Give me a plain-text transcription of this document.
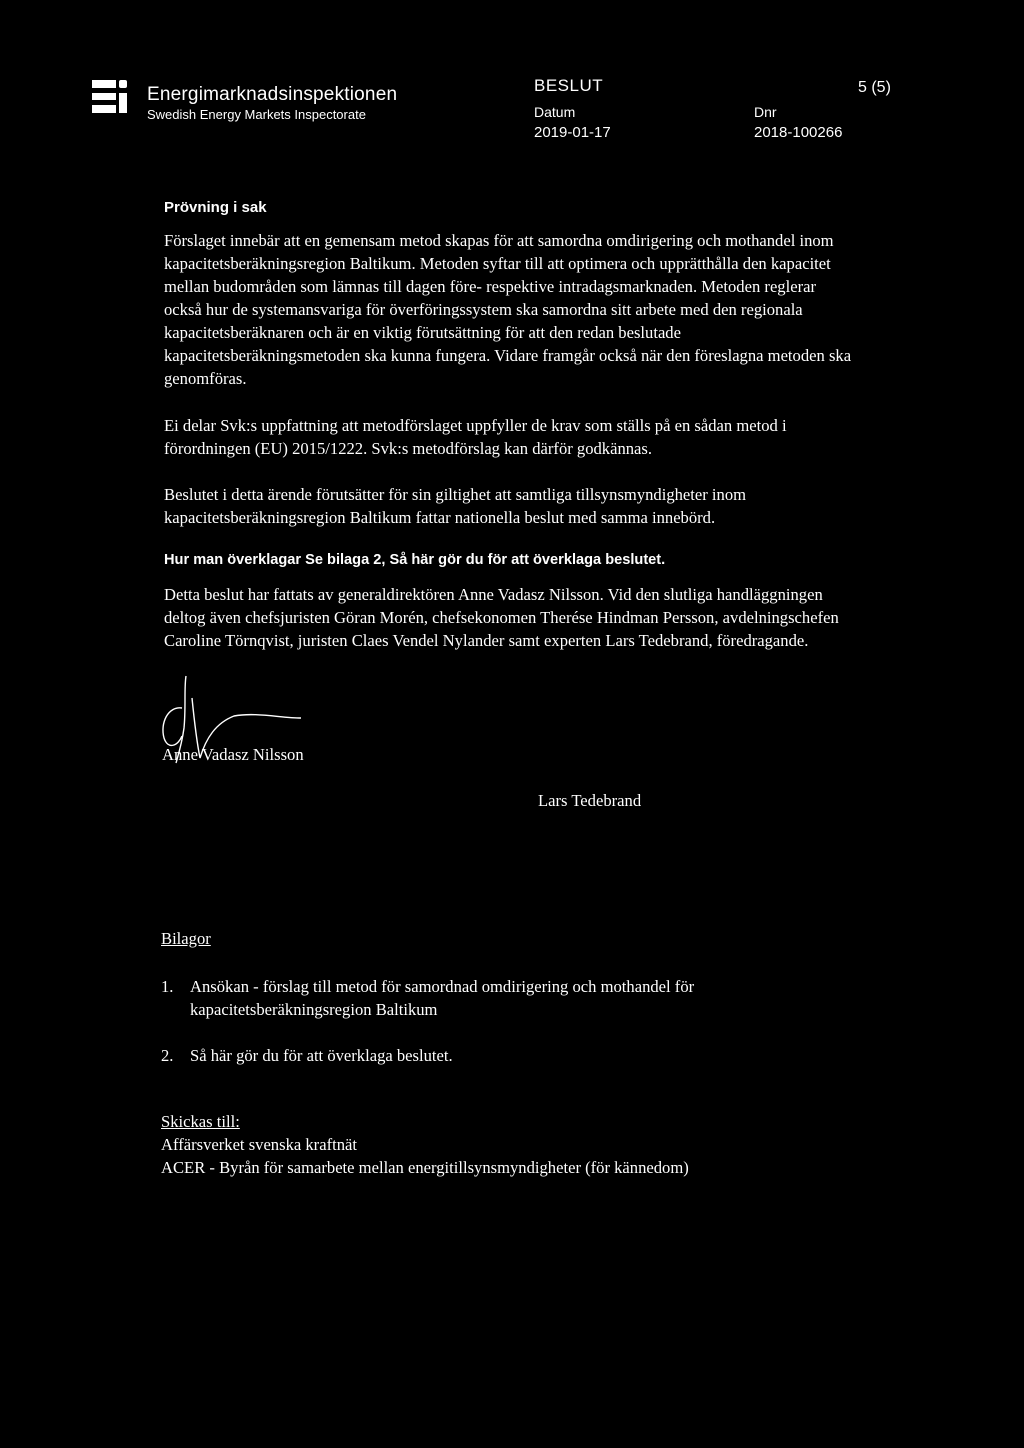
Energimarknadsinspektionen
Swedish Energy Markets Inspectorate
BESLUT	5 (5)
Datum
2019-01-17
Dnr
2018-100266
Prövning i sak
Förslaget innebär att en gemensam metod skapas för att samordna omdirigering och mothandel inom kapacitetsberäkningsregion Baltikum. Metoden syftar till att optimera och upprätthålla den kapacitet mellan budområden som lämnas till dagen före- respektive intradagsmarknaden. Metoden reglerar också hur de systemansvariga för överföringssystem ska samordna sitt arbete med den regionala kapacitetsberäknaren och är en viktig förutsättning för att den redan beslutade kapacitetsberäkningsmetoden ska kunna fungera. Vidare framgår också när den föreslagna metoden ska genomföras.
Ei delar Svk:s uppfattning att metodförslaget uppfyller de krav som ställs på en sådan metod i förordningen (EU) 2015/1222. Svk:s metodförslag kan därför godkännas.
Beslutet i detta ärende förutsätter för sin giltighet att samtliga tillsynsmyndigheter inom kapacitetsberäkningsregion Baltikum fattar nationella beslut med samma innebörd.
Hur man överklagar Se bilaga 2, Så här gör du för att överklaga beslutet.
Detta beslut har fattats av generaldirektören Anne Vadasz Nilsson. Vid den slutliga handläggningen deltog även chefsjuristen Göran Morén, chefsekonomen Therése Hindman Persson, avdelningschefen Caroline Törnqvist, juristen Claes Vendel Nylander samt experten Lars Tedebrand, föredragande.
Anne Vadasz Nilsson
Lars Tedebrand
Bilagor
1. Ansökan - förslag till metod för samordnad omdirigering och mothandel för kapacitetsberäkningsregion Baltikum
2. Så här gör du för att överklaga beslutet.
Skickas till:
Affärsverket svenska kraftnät
ACER - Byrån för samarbete mellan energitillsynsmyndigheter (för kännedom)
